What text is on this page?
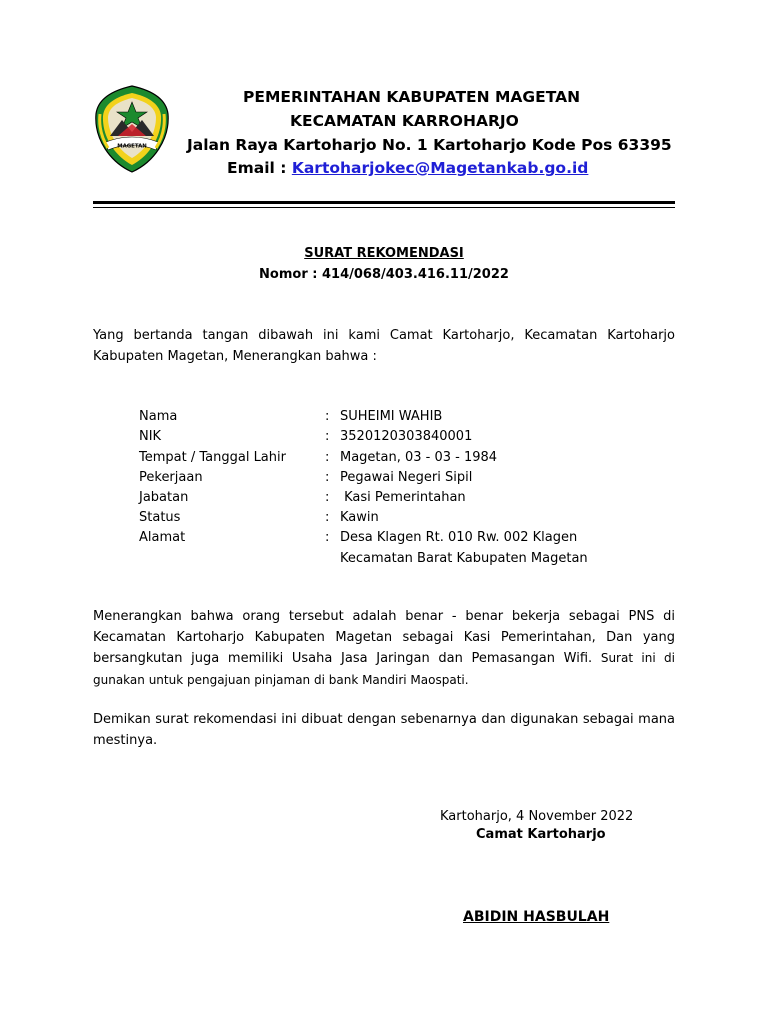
MAGETAN
PEMERINTAHAN KABUPATEN MAGETAN
KECAMATAN KARROHARJO
Jalan Raya Kartoharjo No. 1 Kartoharjo Kode Pos 63395
Email : Kartoharjokec@Magetankab.go.id
SURAT REKOMENDASI
Nomor : 414/068/403.416.11/2022
Yang bertanda tangan dibawah ini kami Camat Kartoharjo, Kecamatan Kartoharjo Kabupaten Magetan, Menerangkan bahwa :
Nama	: SUHEIMI WAHIB
NIK	: 3520120303840001
Tempat / Tanggal Lahir	: Magetan, 03 - 03 - 1984
Pekerjaan	: Pegawai Negeri Sipil
Jabatan	: Kasi Pemerintahan
Status	: Kawin
Alamat	: Desa Klagen Rt. 010 Rw. 002 Klagen
Kecamatan Barat Kabupaten Magetan
Menerangkan bahwa orang tersebut adalah benar - benar bekerja sebagai PNS di Kecamatan Kartoharjo Kabupaten Magetan sebagai Kasi Pemerintahan, Dan yang bersangkutan juga memiliki Usaha Jasa Jaringan dan Pemasangan Wifi. Surat ini di gunakan untuk pengajuan pinjaman di bank Mandiri Maospati.
Demikan surat rekomendasi ini dibuat dengan sebenarnya dan digunakan sebagai mana mestinya.
Kartoharjo, 4 November 2022
Camat Kartoharjo
ABIDIN HASBULAH
